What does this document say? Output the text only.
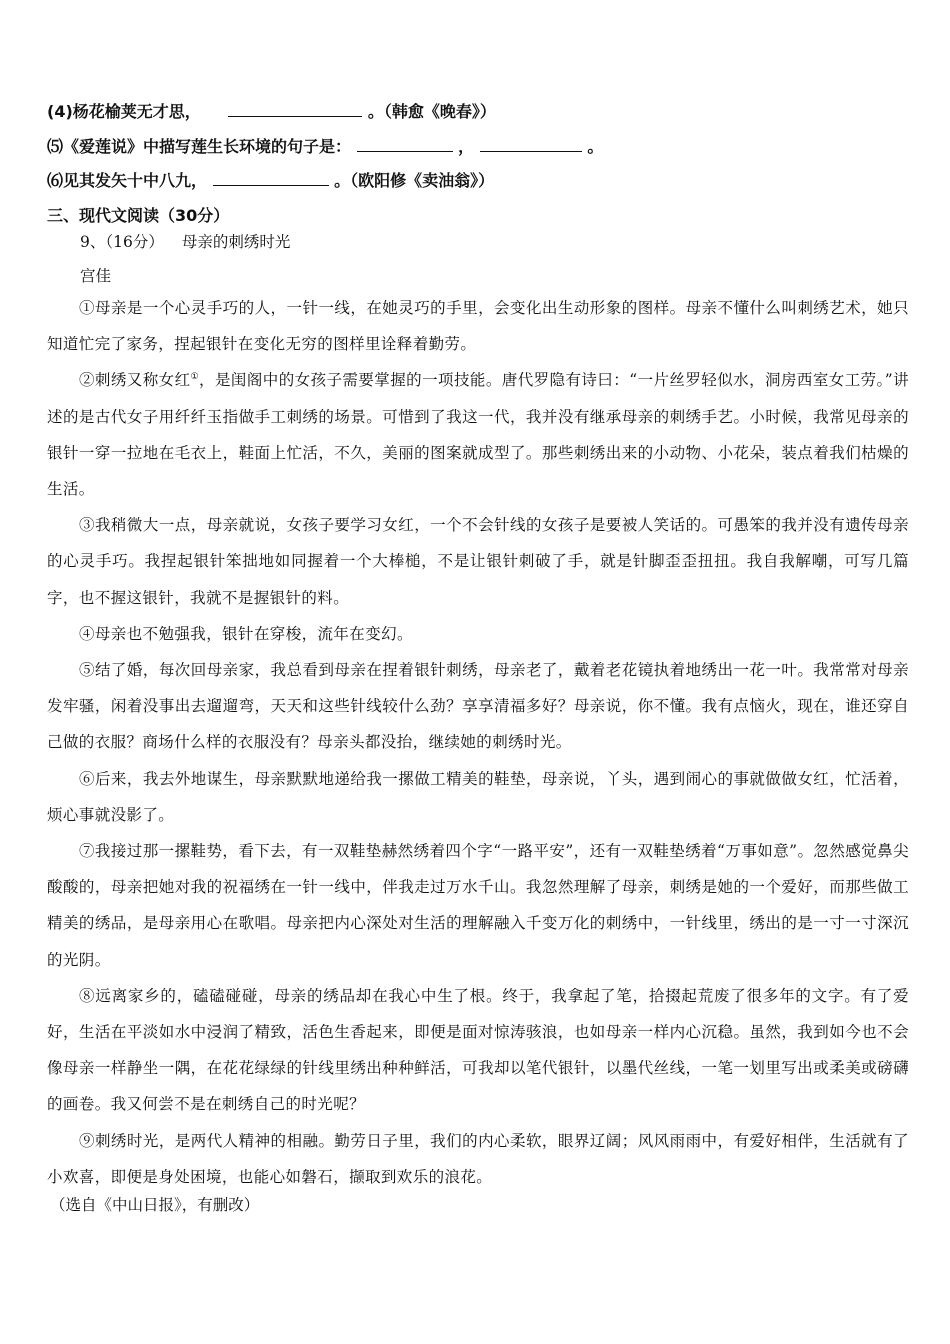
(4)杨花榆荚无才思，	。（韩愈《晚春》）
⑸《爱莲说》中描写莲生长环境的句子是：	，	。
⑹见其发矢十中八九，	。（欧阳修《卖油翁》）
三、现代文阅读（30分）
9、（16分） 母亲的刺绣时光
宫佳

①母亲是一个心灵手巧的人，一针一线，在她灵巧的手里，会变化出生动形象的图样。母亲不懂什么叫刺绣艺术，她只知道忙完了家务，捏起银针在变化无穷的图样里诠释着勤劳。

②刺绣又称女红①，是闺阁中的女孩子需要掌握的一项技能。唐代罗隐有诗曰：“一片丝罗轻似水，洞房西室女工劳。”讲述的是古代女子用纤纤玉指做手工刺绣的场景。可惜到了我这一代，我并没有继承母亲的刺绣手艺。小时候，我常见母亲的银针一穿一拉地在毛衣上，鞋面上忙活，不久，美丽的图案就成型了。那些刺绣出来的小动物、小花朵，装点着我们枯燥的生活。

③我稍微大一点，母亲就说，女孩子要学习女红，一个不会针线的女孩子是要被人笑话的。可愚笨的我并没有遗传母亲的心灵手巧。我捏起银针笨拙地如同握着一个大棒槌，不是让银针刺破了手，就是针脚歪歪扭扭。我自我解嘲，可写几篇字，也不握这银针，我就不是握银针的料。

④母亲也不勉强我，银针在穿梭，流年在变幻。

⑤结了婚，每次回母亲家，我总看到母亲在捏着银针刺绣，母亲老了，戴着老花镜执着地绣出一花一叶。我常常对母亲发牢骚，闲着没事出去遛遛弯，天天和这些针线较什么劲？享享清福多好？母亲说，你不懂。我有点恼火，现在，谁还穿自己做的衣服？商场什么样的衣服没有？母亲头都没抬，继续她的刺绣时光。

⑥后来，我去外地谋生，母亲默默地递给我一摞做工精美的鞋垫，母亲说，丫头，遇到闹心的事就做做女红，忙活着，烦心事就没影了。

⑦我接过那一摞鞋势，看下去，有一双鞋垫赫然绣着四个字“一路平安”，还有一双鞋垫绣着“万事如意”。忽然感觉鼻尖酸酸的，母亲把她对我的祝福绣在一针一线中，伴我走过万水千山。我忽然理解了母亲，刺绣是她的一个爱好，而那些做工精美的绣品，是母亲用心在歌唱。母亲把内心深处对生活的理解融入千变万化的刺绣中，一针线里，绣出的是一寸一寸深沉的光阴。

⑧远离家乡的，磕磕碰碰，母亲的绣品却在我心中生了根。终于，我拿起了笔，拾掇起荒废了很多年的文字。有了爱好，生活在平淡如水中浸润了精致，活色生香起来，即便是面对惊涛骇浪，也如母亲一样内心沉稳。虽然，我到如今也不会像母亲一样静坐一隅，在花花绿绿的针线里绣出种种鲜活，可我却以笔代银针，以墨代丝线，一笔一划里写出或柔美或磅礴的画卷。我又何尝不是在刺绣自己的时光呢？

⑨刺绣时光，是两代人精神的相融。勤劳日子里，我们的内心柔软，眼界辽阔；风风雨雨中，有爱好相伴，生活就有了小欢喜，即便是身处困境，也能心如磐石，撷取到欢乐的浪花。

（选自《中山日报》，有删改）
